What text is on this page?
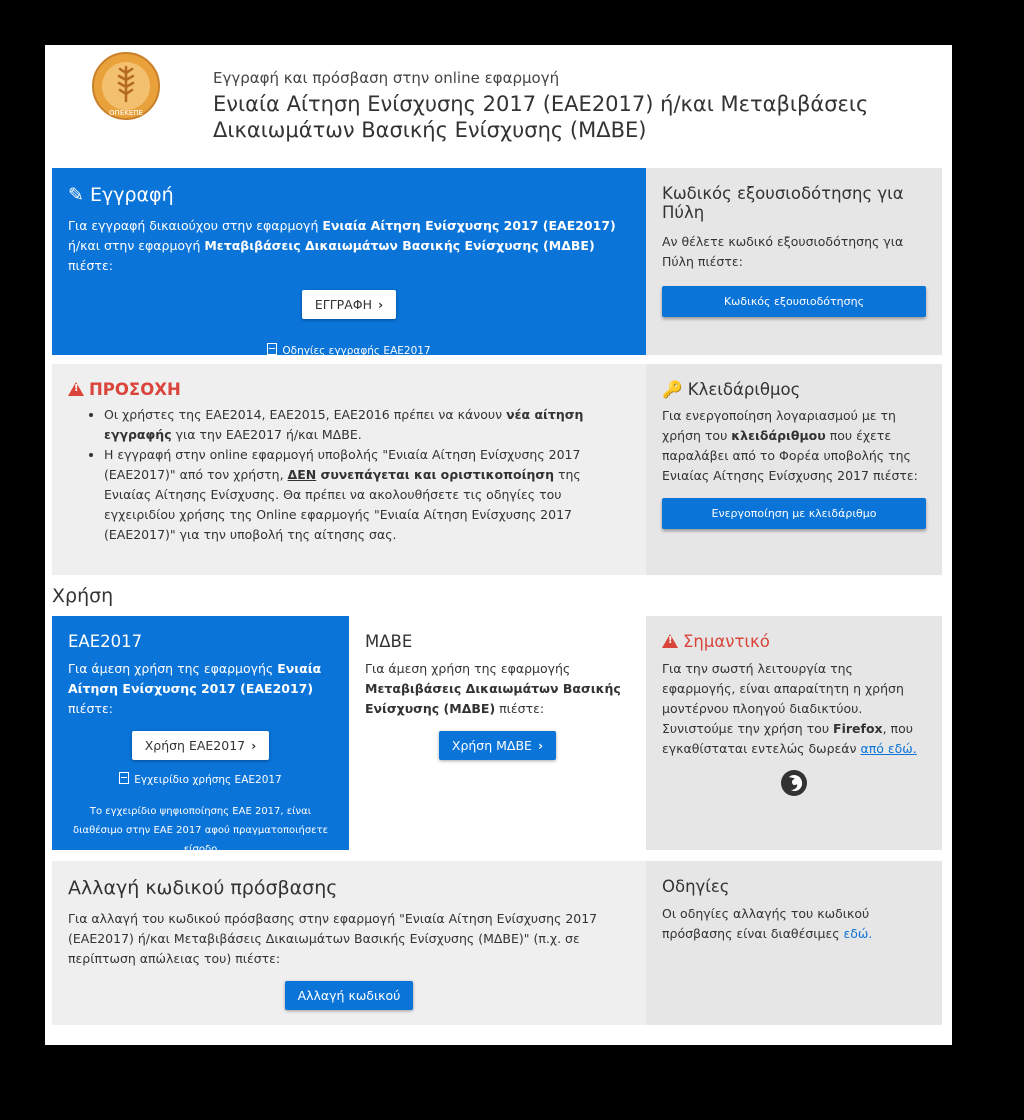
ΟΠΕΚΕΠΕ
Εγγραφή και πρόσβαση στην online εφαρμογή
Ενιαία Αίτηση Ενίσχυσης 2017 (ΕΑΕ2017) ή/και Μεταβιβάσεις Δικαιωμάτων Βασικής Ενίσχυσης (ΜΔΒΕ)
✎ Εγγραφή
Για εγγραφή δικαιούχου στην εφαρμογή Ενιαία Αίτηση Ενίσχυσης 2017 (ΕΑΕ2017) ή/και στην εφαρμογή Μεταβιβάσεις Δικαιωμάτων Βασικής Ενίσχυσης (ΜΔΒΕ) πιέστε:
ΕΓΓΡΑΦΗ ›
Οδηγίες εγγραφής ΕΑΕ2017
Κωδικός εξουσιοδότησης για Πύλη
Αν θέλετε κωδικό εξουσιοδότησης για Πύλη πιέστε:
Κωδικός εξουσιοδότησης
!ΠΡΟΣΟΧΗ
• Οι χρήστες της ΕΑΕ2014, ΕΑΕ2015, ΕΑΕ2016 πρέπει να κάνουν νέα αίτηση εγγραφής για την ΕΑΕ2017 ή/και ΜΔΒΕ.
• Η εγγραφή στην online εφαρμογή υποβολής "Ενιαία Αίτηση Ενίσχυσης 2017 (ΕΑΕ2017)" από τον χρήστη, ΔΕΝ συνεπάγεται και οριστικοποίηση της Ενιαίας Αίτησης Ενίσχυσης. Θα πρέπει να ακολουθήσετε τις οδηγίες του εγχειριδίου χρήσης της Online εφαρμογής "Ενιαία Αίτηση Ενίσχυσης 2017 (ΕΑΕ2017)" για την υποβολή της αίτησης σας.
🔑 Κλειδάριθμος
Για ενεργοποίηση λογαριασμού με τη χρήση του κλειδάριθμου που έχετε παραλάβει από το Φορέα υποβολής της Ενιαίας Αίτησης Ενίσχυσης 2017 πιέστε:
Ενεργοποίηση με κλειδάριθμο
Χρήση
ΕΑΕ2017
Για άμεση χρήση της εφαρμογής Ενιαία Αίτηση Ενίσχυσης 2017 (ΕΑΕ2017) πιέστε:
Χρήση ΕΑΕ2017 ›
Εγχειρίδιο χρήσης ΕΑΕ2017
Το εγχειρίδιο ψηφιοποίησης ΕΑΕ 2017, είναι διαθέσιμο στην ΕΑΕ 2017 αφού πραγματοποιήσετε είσοδο
ΜΔΒΕ
Για άμεση χρήση της εφαρμογής Μεταβιβάσεις Δικαιωμάτων Βασικής Ενίσχυσης (ΜΔΒΕ) πιέστε:
Χρήση ΜΔΒΕ ›
!Σημαντικό
Για την σωστή λειτουργία της εφαρμογής, είναι απαραίτητη η χρήση μοντέρνου πλοηγού διαδικτύου. Συνιστούμε την χρήση του Firefox, που εγκαθίσταται εντελώς δωρεάν από εδώ.
Αλλαγή κωδικού πρόσβασης
Για αλλαγή του κωδικού πρόσβασης στην εφαρμογή "Ενιαία Αίτηση Ενίσχυσης 2017 (ΕΑΕ2017) ή/και Μεταβιβάσεις Δικαιωμάτων Βασικής Ενίσχυσης (ΜΔΒΕ)" (π.χ. σε περίπτωση απώλειας του) πιέστε:
Αλλαγή κωδικού
Οδηγίες
Οι οδηγίες αλλαγής του κωδικού πρόσβασης είναι διαθέσιμες εδώ.
